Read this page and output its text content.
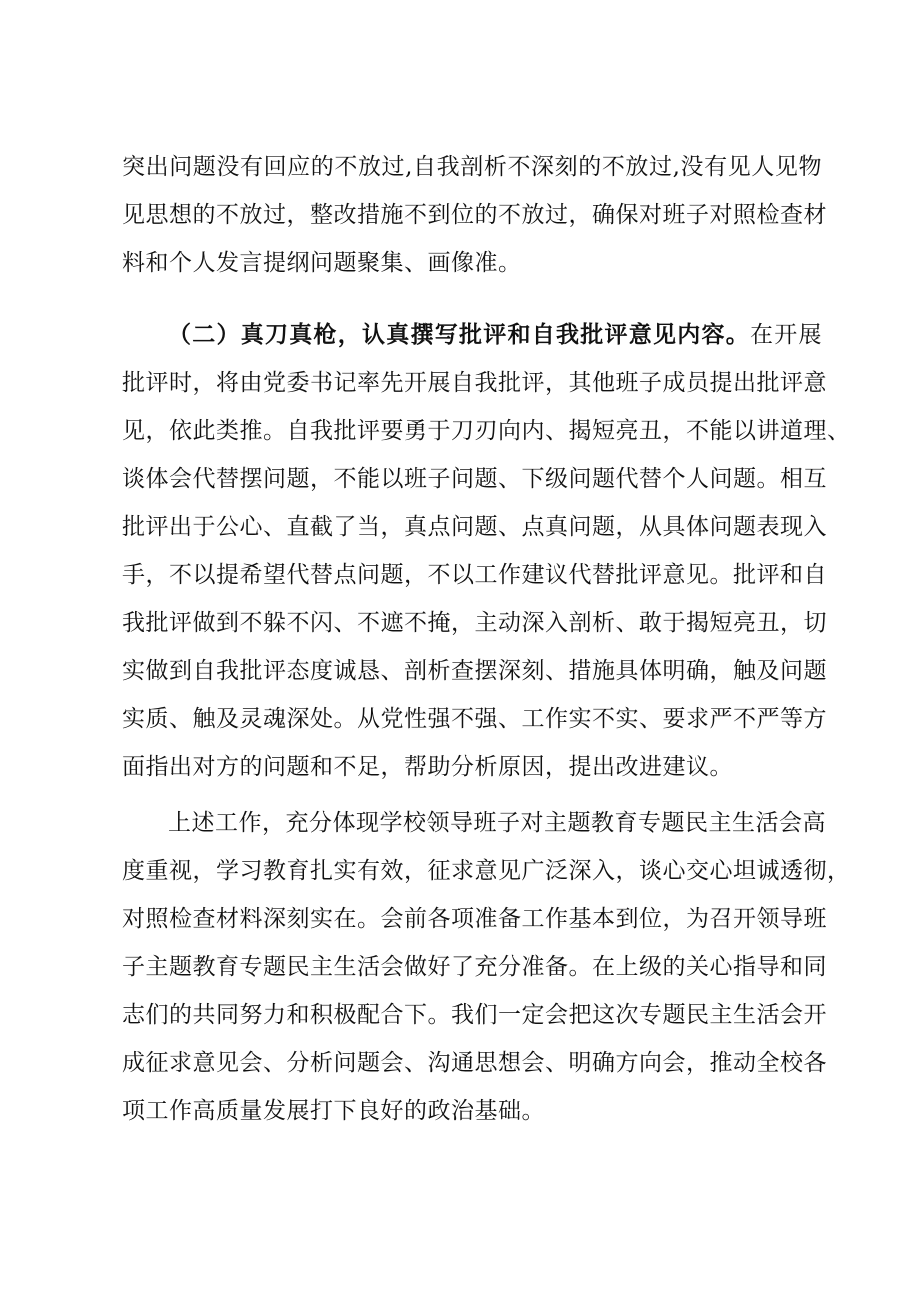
突出问题没有回应的不放过,自我剖析不深刻的不放过,没有见人见物
见思想的不放过，整改措施不到位的不放过，确保对班子对照检查材
料和个人发言提纲问题聚集、画像准。
（二）真刀真枪，认真撰写批评和自我批评意见内容。在开展
批评时，将由党委书记率先开展自我批评，其他班子成员提出批评意
见，依此类推。自我批评要勇于刀刃向内、揭短亮丑，不能以讲道理、
谈体会代替摆问题，不能以班子问题、下级问题代替个人问题。相互
批评出于公心、直截了当，真点问题、点真问题，从具体问题表现入
手，不以提希望代替点问题，不以工作建议代替批评意见。批评和自
我批评做到不躲不闪、不遮不掩，主动深入剖析、敢于揭短亮丑，切
实做到自我批评态度诚恳、剖析查摆深刻、措施具体明确，触及问题
实质、触及灵魂深处。从党性强不强、工作实不实、要求严不严等方
面指出对方的问题和不足，帮助分析原因，提出改进建议。
上述工作，充分体现学校领导班子对主题教育专题民主生活会高
度重视，学习教育扎实有效，征求意见广泛深入，谈心交心坦诚透彻，
对照检查材料深刻实在。会前各项准备工作基本到位，为召开领导班
子主题教育专题民主生活会做好了充分准备。在上级的关心指导和同
志们的共同努力和积极配合下。我们一定会把这次专题民主生活会开
成征求意见会、分析问题会、沟通思想会、明确方向会，推动全校各
项工作高质量发展打下良好的政治基础。
